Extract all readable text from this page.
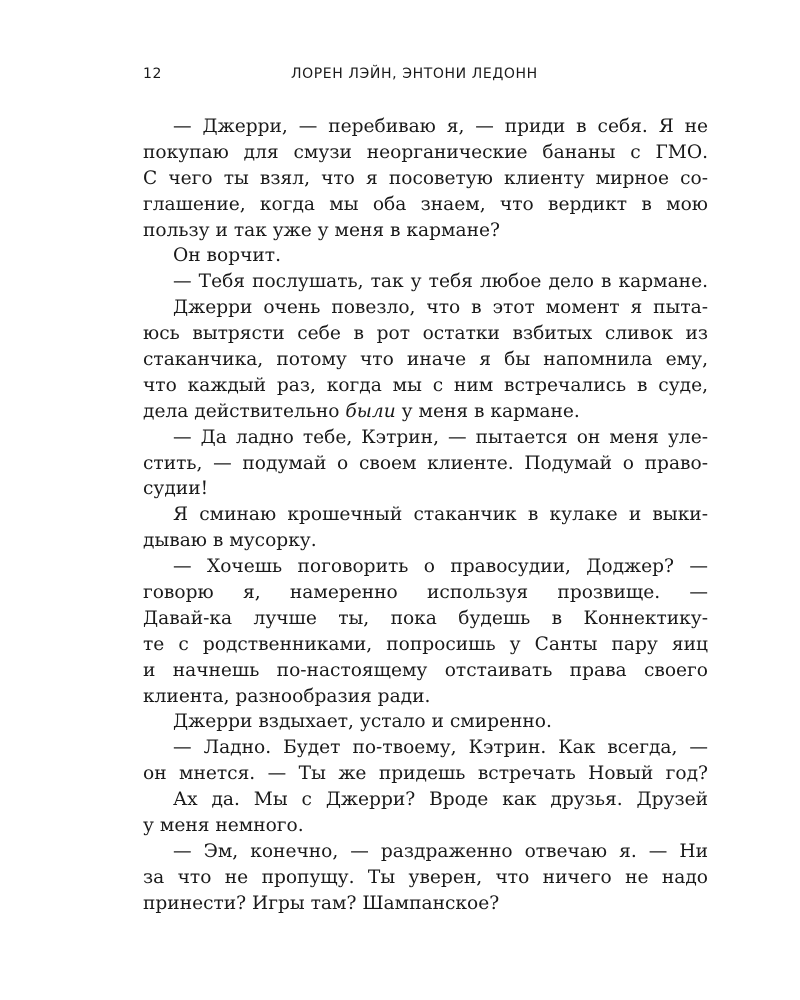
12	ЛОРЕН ЛЭЙН, ЭНТОНИ ЛЕДОНН
— Джерри, — перебиваю я, — приди в себя. Я не
покупаю для смузи неорганические бананы с ГМО.
С чего ты взял, что я посоветую клиенту мирное со-
глашение, когда мы оба знаем, что вердикт в мою
пользу и так уже у меня в кармане?
Он ворчит.
— Тебя послушать, так у тебя любое дело в кармане.
Джерри очень повезло, что в этот момент я пыта-
юсь вытрясти себе в рот остатки взбитых сливок из
стаканчика, потому что иначе я бы напомнила ему,
что каждый раз, когда мы с ним встречались в суде,
дела действительно были у меня в кармане.
— Да ладно тебе, Кэтрин, — пытается он меня улe-
стить, — подумай о своем клиенте. Подумай о право-
судии!
Я сминаю крошечный стаканчик в кулаке и выки-
дываю в мусорку.
— Хочешь поговорить о правосудии, Доджер? —
говорю я, намеренно используя прозвище. —
Давай-ка лучше ты, пока будешь в Коннектику-
те с родственниками, попросишь у Санты пару яиц
и начнешь по-настоящему отстаивать права своего
клиента, разнообразия ради.
Джерри вздыхает, устало и смиренно.
— Ладно. Будет по-твоему, Кэтрин. Как всегда, —
он мнется. — Ты же придешь встречать Новый год?
Ах да. Мы с Джерри? Вроде как друзья. Друзей
у меня немного.
— Эм, конечно, — раздраженно отвечаю я. — Ни
за что не пропущу. Ты уверен, что ничего не надо
принести? Игры там? Шампанское?
